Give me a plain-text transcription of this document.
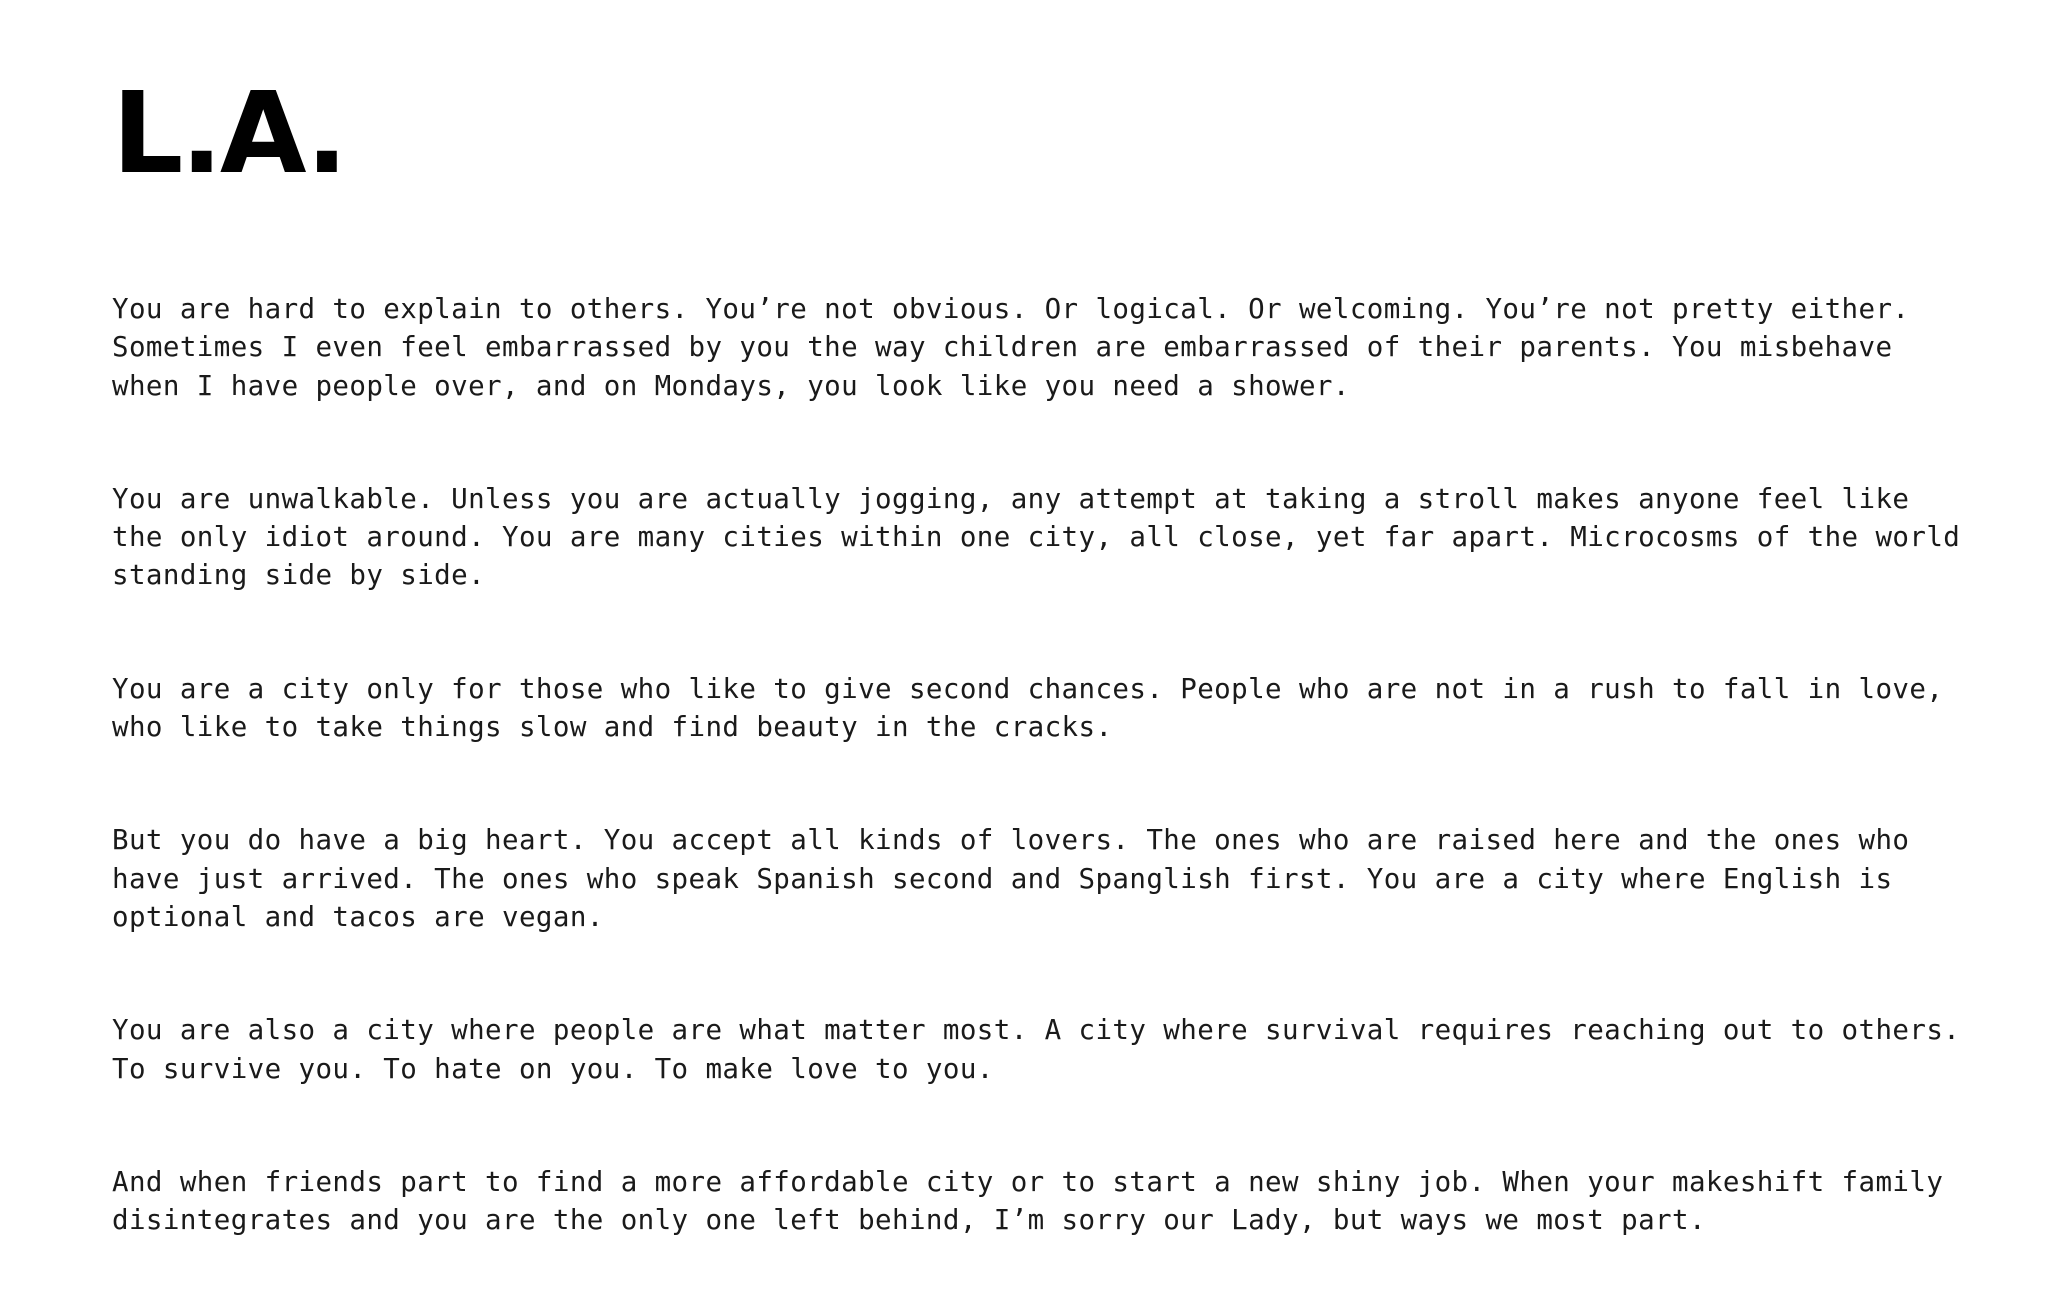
L.A.

You are hard to explain to others. You’re not obvious. Or logical. Or welcoming. You’re not pretty either.
Sometimes I even feel embarrassed by you the way children are embarrassed of their parents. You misbehave
when I have people over, and on Mondays, you look like you need a shower.

You are unwalkable. Unless you are actually jogging, any attempt at taking a stroll makes anyone feel like
the only idiot around. You are many cities within one city, all close, yet far apart. Microcosms of the world
standing side by side.

You are a city only for those who like to give second chances. People who are not in a rush to fall in love,
who like to take things slow and find beauty in the cracks.

But you do have a big heart. You accept all kinds of lovers. The ones who are raised here and the ones who
have just arrived. The ones who speak Spanish second and Spanglish first. You are a city where English is
optional and tacos are vegan.

You are also a city where people are what matter most. A city where survival requires reaching out to others.
To survive you. To hate on you. To make love to you.

And when friends part to find a more affordable city or to start a new shiny job. When your makeshift family
disintegrates and you are the only one left behind, I’m sorry our Lady, but ways we most part.
